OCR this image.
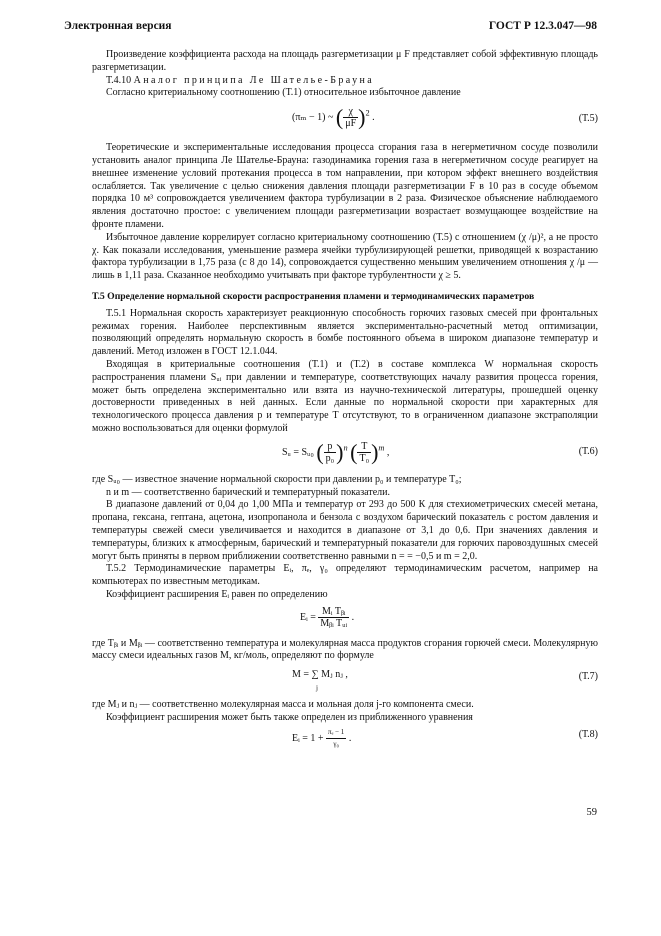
Электронная версия	ГОСТ Р 12.3.047—98

Произведение коэффициента расхода на площадь разгерметизации μ F представляет собой эффективную площадь разгерметизации.

Т.4.10 Аналог принципа Ле Шателье-Брауна

Согласно критериальному соотношению (Т.1) относительное избыточное давление

(πₘ − 1) ~ ( $\frac{\chi}{\mu F} )^2$ .	(Т.5)

Теоретические и экспериментальные исследования процесса сгорания газа в негерметичном сосуде позволили установить аналог принципа Ле Шателье-Брауна: газодинамика горения газа в негерметичном сосуде реагирует на внешнее изменение условий протекания процесса в том направлении, при котором эффект внешнего воздействия ослабляется. Так увеличение с целью снижения давления площади разгерметизации F в 10 раз в сосуде объемом порядка 10 м³ сопровождается увеличением фактора турбулизации в 2 раза. Физическое объяснение наблюдаемого явления достаточно простое: с увеличением площади разгерметизации возрастает возмущающее воздействие на фронте пламени.

Избыточное давление коррелирует согласно критериальному соотношению (Т.5) с отношением (χ /μ)², а не просто χ. Как показали исследования, уменьшение размера ячейки турбулизирующей решетки, приводящей к возрастанию фактора турбулизации в 1,75 раза (с 8 до 14), сопровождается существенно меньшим увеличением отношения χ /μ — лишь в 1,11 раза. Сказанное необходимо учитывать при факторе турбулентности χ ≥ 5.

Т.5 Определение нормальной скорости распространения пламени и термодинамических параметров

Т.5.1 Нормальная скорость характеризует реакционную способность горючих газовых смесей при фронтальных режимах горения. Наиболее перспективным является экспериментально-расчетный метод оптимизации, позволяющий определять нормальную скорость в бомбе постоянного объема в широком диапазоне температур и давлений. Метод изложен в ГОСТ 12.1.044.

Входящая в критериальные соотношения (Т.1) и (Т.2) в составе комплекса W нормальная скорость распространения пламени Sᵤᵢ при давлении и температуре, соответствующих началу развития процесса горения, может быть определена экспериментально или взята из научно-технической литературы, прошедшей оценку достоверности приведенных в ней данных. Если данные по нормальной скорости при характерных для технологического процесса давления p и температуре T отсутствуют, то в ограниченном диапазоне экстраполяции можно воспользоваться для оценки формулой

Sᵤ = Sᵤ₀ ( $\frac{p}{\text{p₀}} )^n$ ( $\frac{T}{\text{T₀}} )^m$ ,	(Т.6)

где Sᵤ₀ — известное значение нормальной скорости при давлении p₀ и температуре T₀;

n и m — соответственно барический и температурный показатели.

В диапазоне давлений от 0,04 до 1,00 МПа и температур от 293 до 500 К для стехиометрических смесей метана, пропана, гексана, гептана, ацетона, изопропанола и бензола с воздухом барический показатель с ростом давления и температуры свежей смеси увеличивается и находится в диапазоне от 3,1 до 0,6. При значениях давления и температуры, близких к атмосферным, барический и температурный показатели для горючих паровоздушных смесей могут быть приняты в первом приближении соответственно равными n = = −0,5 и m = 2,0.

Т.5.2 Термодинамические параметры Eᵢ, πₑ, γ₀ определяют термодинамическим расчетом, например на компьютерах по известным методикам.

Коэффициент расширения Eᵢ равен по определению

Eᵢ = $\frac{\text{Mᵢ Tᵦᵢ}}{\text{Mᵦᵢ Tᵤᵢ}}$ .

где Tᵦᵢ и Mᵦᵢ — соответственно температура и молекулярная масса продуктов сгорания горючей смеси. Молекулярную массу смеси идеальных газов M, кг/моль, определяют по формуле

M = ∑ Mⱼ nⱼ ,
j
(Т.7)

где Mⱼ и nⱼ — соответственно молекулярная масса и мольная доля j-го компонента смеси.

Коэффициент расширения может быть также определен из приближенного уравнения

Eᵢ = $1 + \frac{\text{πₑ − 1}}{\text{γ₀}}$ .	(Т.8)
59
